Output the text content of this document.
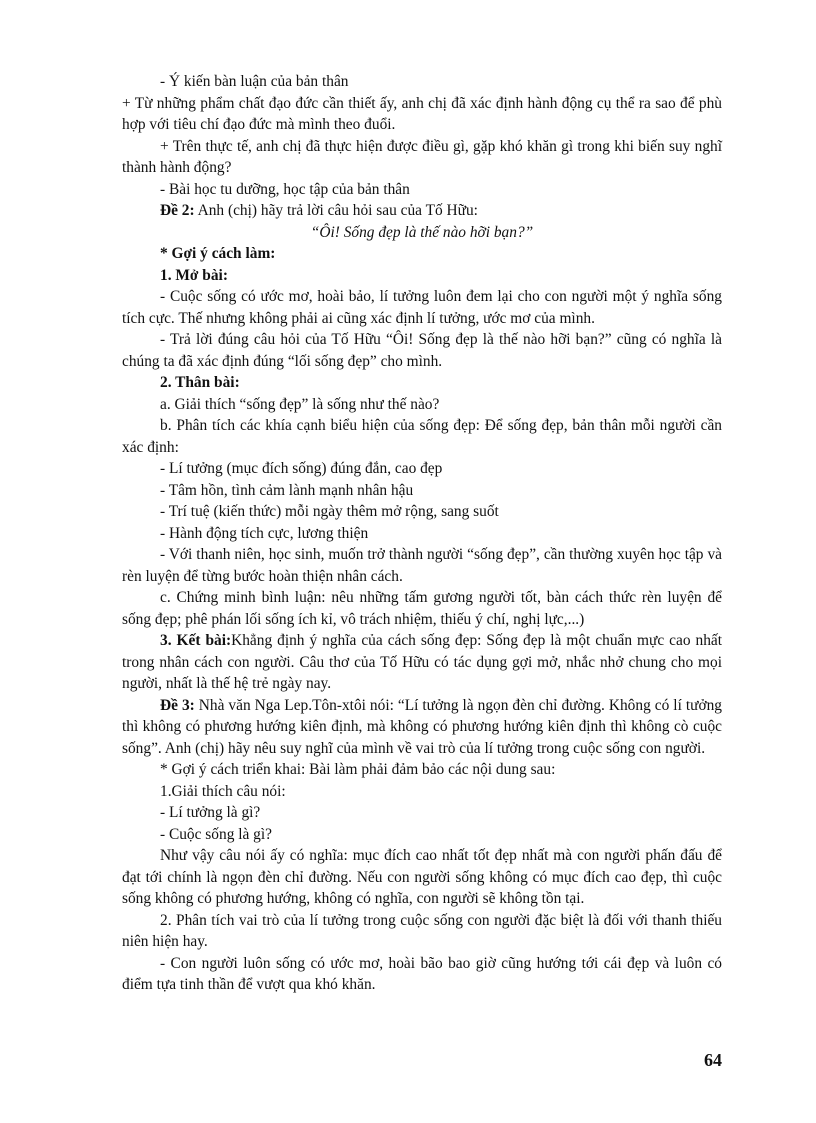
- Ý kiến bàn luận của bản thân

+ Từ những phẩm chất đạo đức cần thiết ấy, anh chị đã xác định hành động cụ thể ra sao để phù hợp với tiêu chí đạo đức mà mình theo đuổi.

+ Trên thực tế, anh chị đã thực hiện được điều gì, gặp khó khăn gì trong khi biến suy nghĩ thành hành động?

- Bài học tu dưỡng, học tập của bản thân

Đề 2: Anh (chị) hãy trả lời câu hỏi sau của Tố Hữu:

“Ôi! Sống đẹp là thế nào hỡi bạn?”

* Gợi ý cách làm:

1. Mở bài:

- Cuộc sống có ước mơ, hoài bảo, lí tưởng luôn đem lại cho con người một ý nghĩa sống tích cực. Thế nhưng không phải ai cũng xác định lí tưởng, ước mơ của mình.

- Trả lời đúng câu hỏi của Tố Hữu “Ôi! Sống đẹp là thế nào hỡi bạn?” cũng có nghĩa là chúng ta đã xác định đúng “lối sống đẹp” cho mình.

2. Thân bài:

a. Giải thích “sống đẹp” là sống như thế nào?

b. Phân tích các khía cạnh biểu hiện của sống đẹp: Để sống đẹp, bản thân mỗi người cần xác định:

- Lí tưởng (mục đích sống) đúng đắn, cao đẹp

- Tâm hồn, tình cảm lành mạnh nhân hậu

- Trí tuệ (kiến thức) mỗi ngày thêm mở rộng, sang suốt

- Hành động tích cực, lương thiện

- Với thanh niên, học sinh, muốn trở thành người “sống đẹp”, cần thường xuyên học tập và rèn luyện để từng bước hoàn thiện nhân cách.

c. Chứng minh bình luận: nêu những tấm gương người tốt, bàn cách thức rèn luyện để sống đẹp; phê phán lối sống ích kỉ, vô trách nhiệm, thiếu ý chí, nghị lực,...)

3. Kết bài:Khẳng định ý nghĩa của cách sống đẹp: Sống đẹp là một chuẩn mực cao nhất trong nhân cách con người. Câu thơ của Tố Hữu có tác dụng gợi mở, nhắc nhở chung cho mọi người, nhất là thế hệ trẻ ngày nay.

Đề 3: Nhà văn Nga Lep.Tôn-xtôi nói: “Lí tưởng là ngọn đèn chỉ đường. Không có lí tưởng thì không có phương hướng kiên định, mà không có phương hướng kiên định thì không cò cuộc sống”. Anh (chị) hãy nêu suy nghĩ của mình về vai trò của lí tưởng trong cuộc sống con người.

* Gợi ý cách triển khai: Bài làm phải đảm bảo các nội dung sau:

1.Giải thích câu nói:

- Lí tưởng là gì?

- Cuộc sống là gì?

Như vậy câu nói ấy có nghĩa: mục đích cao nhất tốt đẹp nhất mà con người phấn đấu để đạt tới chính là ngọn đèn chỉ đường. Nếu con người sống không có mục đích cao đẹp, thì cuộc sống không có phương hướng, không có nghĩa, con người sẽ không tồn tại.

2. Phân tích vai trò của lí tưởng trong cuộc sống con người đặc biệt là đối với thanh thiếu niên hiện hay.

- Con người luôn sống có ước mơ, hoài bão bao giờ cũng hướng tới cái đẹp và luôn có điểm tựa tinh thần để vượt qua khó khăn.

64
